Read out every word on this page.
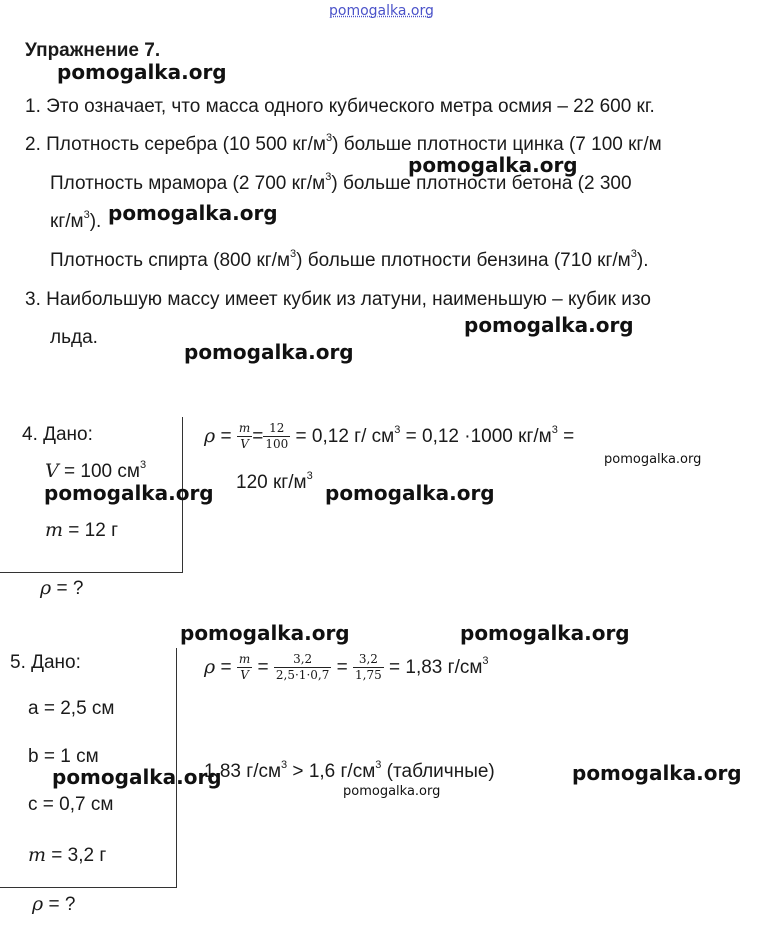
pomogalka.org
Упражнение 7.
1. Это означает, что масса одного кубического метра осмия – 22 600 кг.
2. Плотность серебра (10 500 $кг/м^3$) больше плотности цинка (7 100 кг/м
Плотность мрамора (2 700 $кг/м^3$) больше плотности бетона (2 300
$кг/м^3$).
Плотность спирта (800 $кг/м^3$) больше плотности бензина (710 $кг/м^3$).
3. Наибольшую массу имеет кубик из латуни, наименьшую – кубик изо
льда.
4. Дано:
V = 100 $см^3$
m = 12 г
ρ = ?
$\rho = \frac{m}{V} = \frac{12}{100} = 0,12$ г/ $см^3 = 0,12 \cdot 1000$ $кг/м^3$ =
120 $кг/м^3$
5. Дано:
a = 2,5 см
b = 1 см
c = 0,7 см
m = 3,2 г
ρ = ?
$\rho = \frac{m}{V} = \frac{3,2}{2,5\cdot 1\cdot 0,7} = \frac{3,2}{1,75} = 1,83$ $г/см^3$
1,83 $г/см^3 > 1,6$ $г/см^3$ (табличные)
pomogalka.org
pomogalka.org
pomogalka.org
pomogalka.org
pomogalka.org
pomogalka.org	pomogalka.org
pomogalka.org	pomogalka.org
pomogalka.org	pomogalka.org
pomogalka.org
pomogalka.org
